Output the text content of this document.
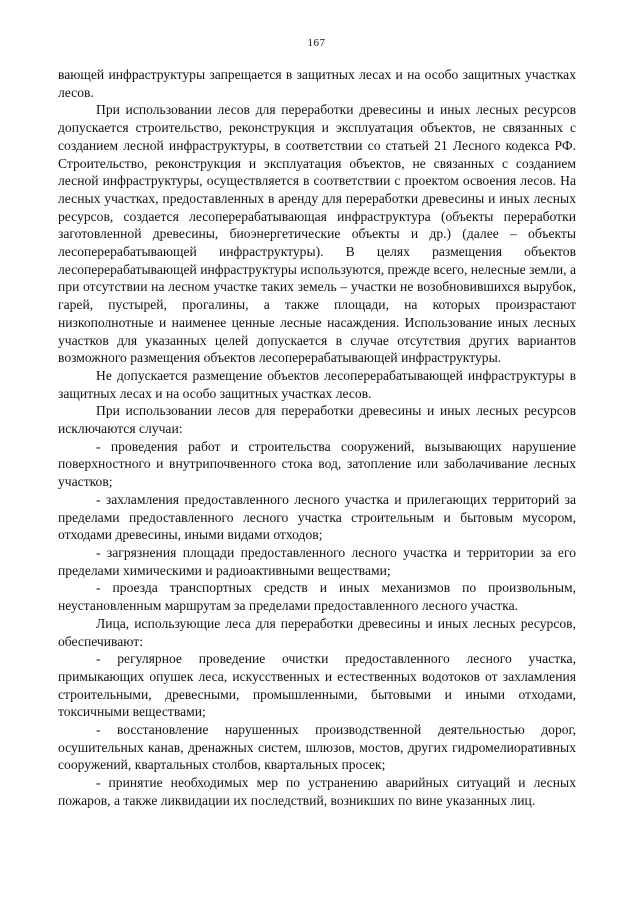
167

вающей инфраструктуры запрещается в защитных лесах и на особо защитных участках лесов.

При использовании лесов для переработки древесины и иных лесных ресурсов допускается строительство, реконструкция и эксплуатация объектов, не связанных с созданием лесной инфраструктуры, в соответствии со статьей 21 Лесного кодекса РФ. Строительство, реконструкция и эксплуатация объектов, не связанных с созданием лесной инфраструктуры, осуществляется в соответствии с проектом освоения лесов. На лесных участках, предоставленных в аренду для переработки древесины и иных лесных ресурсов, создается лесоперерабатывающая инфраструктура (объекты переработки заготовленной древесины, биоэнергетические объекты и др.) (далее – объекты лесоперерабатывающей инфраструктуры). В целях размещения объектов лесоперерабатывающей инфраструктуры используются, прежде всего, нелесные земли, а при отсутствии на лесном участке таких земель – участки не возобновившихся вырубок, гарей, пустырей, прогалины, а также площади, на которых произрастают низкополнотные и наименее ценные лесные насаждения. Использование иных лесных участков для указанных целей допускается в случае отсутствия других вариантов возможного размещения объектов лесоперерабатывающей инфраструктуры.

Не допускается размещение объектов лесоперерабатывающей инфраструктуры в защитных лесах и на особо защитных участках лесов.

При использовании лесов для переработки древесины и иных лесных ресурсов исключаются случаи:

- проведения работ и строительства сооружений, вызывающих нарушение поверхностного и внутрипочвенного стока вод, затопление или заболачивание лесных участков;

- захламления предоставленного лесного участка и прилегающих территорий за пределами предоставленного лесного участка строительным и бытовым мусором, отходами древесины, иными видами отходов;

- загрязнения площади предоставленного лесного участка и территории за его пределами химическими и радиоактивными веществами;

- проезда транспортных средств и иных механизмов по произвольным, неустановленным маршрутам за пределами предоставленного лесного участка.

Лица, использующие леса для переработки древесины и иных лесных ресурсов, обеспечивают:

- регулярное проведение очистки предоставленного лесного участка, примыкающих опушек леса, искусственных и естественных водотоков от захламления строительными, древесными, промышленными, бытовыми и иными отходами, токсичными веществами;

- восстановление нарушенных производственной деятельностью дорог, осушительных канав, дренажных систем, шлюзов, мостов, других гидромелиоративных сооружений, квартальных столбов, квартальных просек;

- принятие необходимых мер по устранению аварийных ситуаций и лесных пожаров, а также ликвидации их последствий, возникших по вине указанных лиц.
